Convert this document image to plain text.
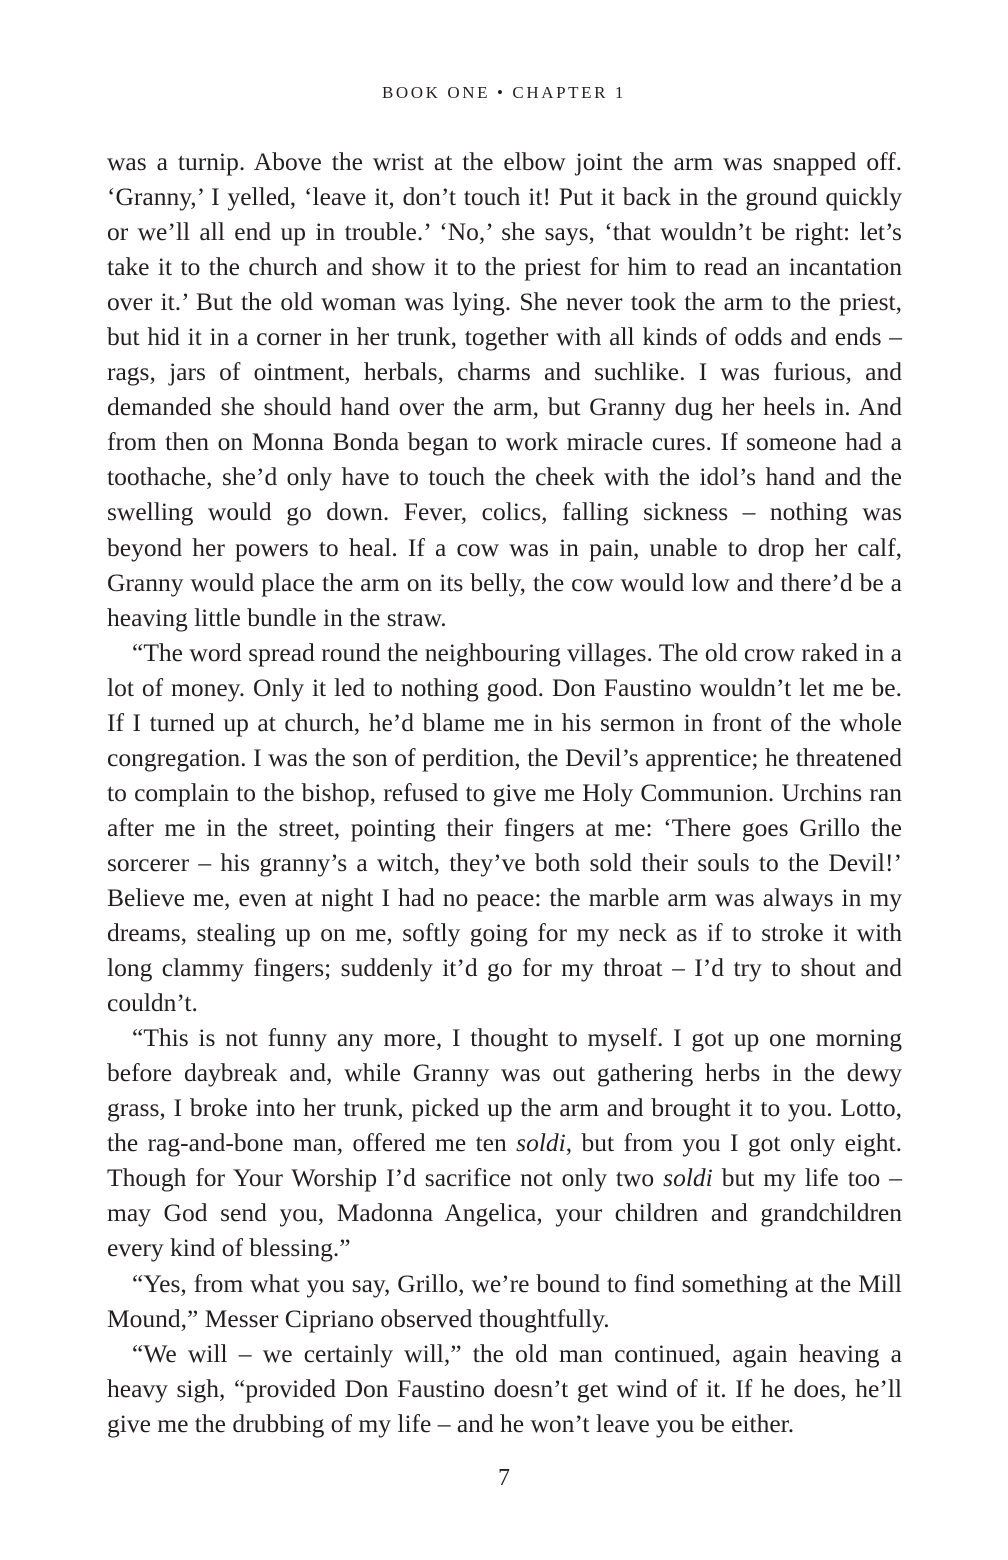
BOOK ONE • CHAPTER 1

was a turnip. Above the wrist at the elbow joint the arm was snapped off. ‘Granny,’ I yelled, ‘leave it, don’t touch it! Put it back in the ground quickly or we’ll all end up in trouble.’ ‘No,’ she says, ‘that wouldn’t be right: let’s take it to the church and show it to the priest for him to read an incantation over it.’ But the old woman was lying. She never took the arm to the priest, but hid it in a corner in her trunk, together with all kinds of odds and ends – rags, jars of ointment, herbals, charms and suchlike. I was furious, and demanded she should hand over the arm, but Granny dug her heels in. And from then on Monna Bonda began to work miracle cures. If someone had a toothache, she’d only have to touch the cheek with the idol’s hand and the swelling would go down. Fever, colics, falling sickness – nothing was beyond her powers to heal. If a cow was in pain, unable to drop her calf, Granny would place the arm on its belly, the cow would low and there’d be a heaving little bundle in the straw.

“The word spread round the neighbouring villages. The old crow raked in a lot of money. Only it led to nothing good. Don Faustino wouldn’t let me be. If I turned up at church, he’d blame me in his sermon in front of the whole congregation. I was the son of perdition, the Devil’s apprentice; he threatened to complain to the bishop, refused to give me Holy Communion. Urchins ran after me in the street, pointing their fingers at me: ‘There goes Grillo the sorcerer – his granny’s a witch, they’ve both sold their souls to the Devil!’ Believe me, even at night I had no peace: the marble arm was always in my dreams, stealing up on me, softly going for my neck as if to stroke it with long clammy fingers; suddenly it’d go for my throat – I’d try to shout and couldn’t.

“This is not funny any more, I thought to myself. I got up one morning before daybreak and, while Granny was out gathering herbs in the dewy grass, I broke into her trunk, picked up the arm and brought it to you. Lotto, the rag-and-bone man, offered me ten soldi, but from you I got only eight. Though for Your Worship I’d sacrifice not only two soldi but my life too – may God send you, Madonna Angelica, your children and grandchildren every kind of blessing.”

“Yes, from what you say, Grillo, we’re bound to find something at the Mill Mound,” Messer Cipriano observed thoughtfully.

“We will – we certainly will,” the old man continued, again heaving a heavy sigh, “provided Don Faustino doesn’t get wind of it. If he does, he’ll give me the drubbing of my life – and he won’t leave you be either.

7
